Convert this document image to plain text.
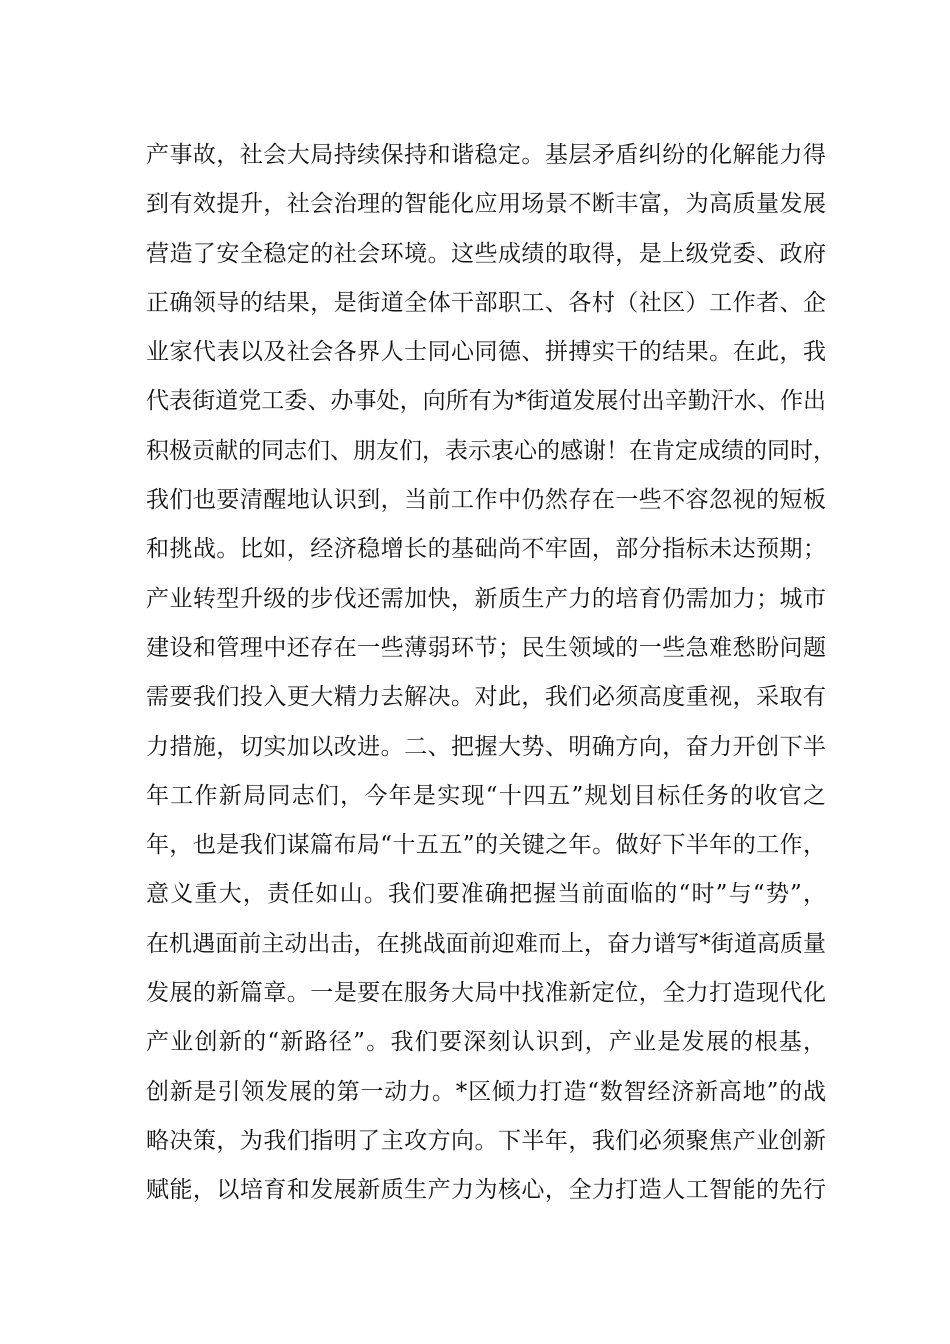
产事故，社会大局持续保持和谐稳定。基层矛盾纠纷的化解能力得
到有效提升，社会治理的智能化应用场景不断丰富，为高质量发展
营造了安全稳定的社会环境。这些成绩的取得，是上级党委、政府
正确领导的结果，是街道全体干部职工、各村（社区）工作者、企
业家代表以及社会各界人士同心同德、拼搏实干的结果。在此，我
代表街道党工委、办事处，向所有为*街道发展付出辛勤汗水、作出
积极贡献的同志们、朋友们，表示衷心的感谢！在肯定成绩的同时，
我们也要清醒地认识到，当前工作中仍然存在一些不容忽视的短板
和挑战。比如，经济稳增长的基础尚不牢固，部分指标未达预期；
产业转型升级的步伐还需加快，新质生产力的培育仍需加力；城市
建设和管理中还存在一些薄弱环节；民生领域的一些急难愁盼问题
需要我们投入更大精力去解决。对此，我们必须高度重视，采取有
力措施，切实加以改进。二、把握大势、明确方向，奋力开创下半
年工作新局同志们，今年是实现“十四五”规划目标任务的收官之
年，也是我们谋篇布局“十五五”的关键之年。做好下半年的工作，
意义重大，责任如山。我们要准确把握当前面临的“时”与“势”，
在机遇面前主动出击，在挑战面前迎难而上，奋力谱写*街道高质量
发展的新篇章。一是要在服务大局中找准新定位，全力打造现代化
产业创新的“新路径”。我们要深刻认识到，产业是发展的根基，
创新是引领发展的第一动力。*区倾力打造“数智经济新高地”的战
略决策，为我们指明了主攻方向。下半年，我们必须聚焦产业创新
赋能，以培育和发展新质生产力为核心，全力打造人工智能的先行
